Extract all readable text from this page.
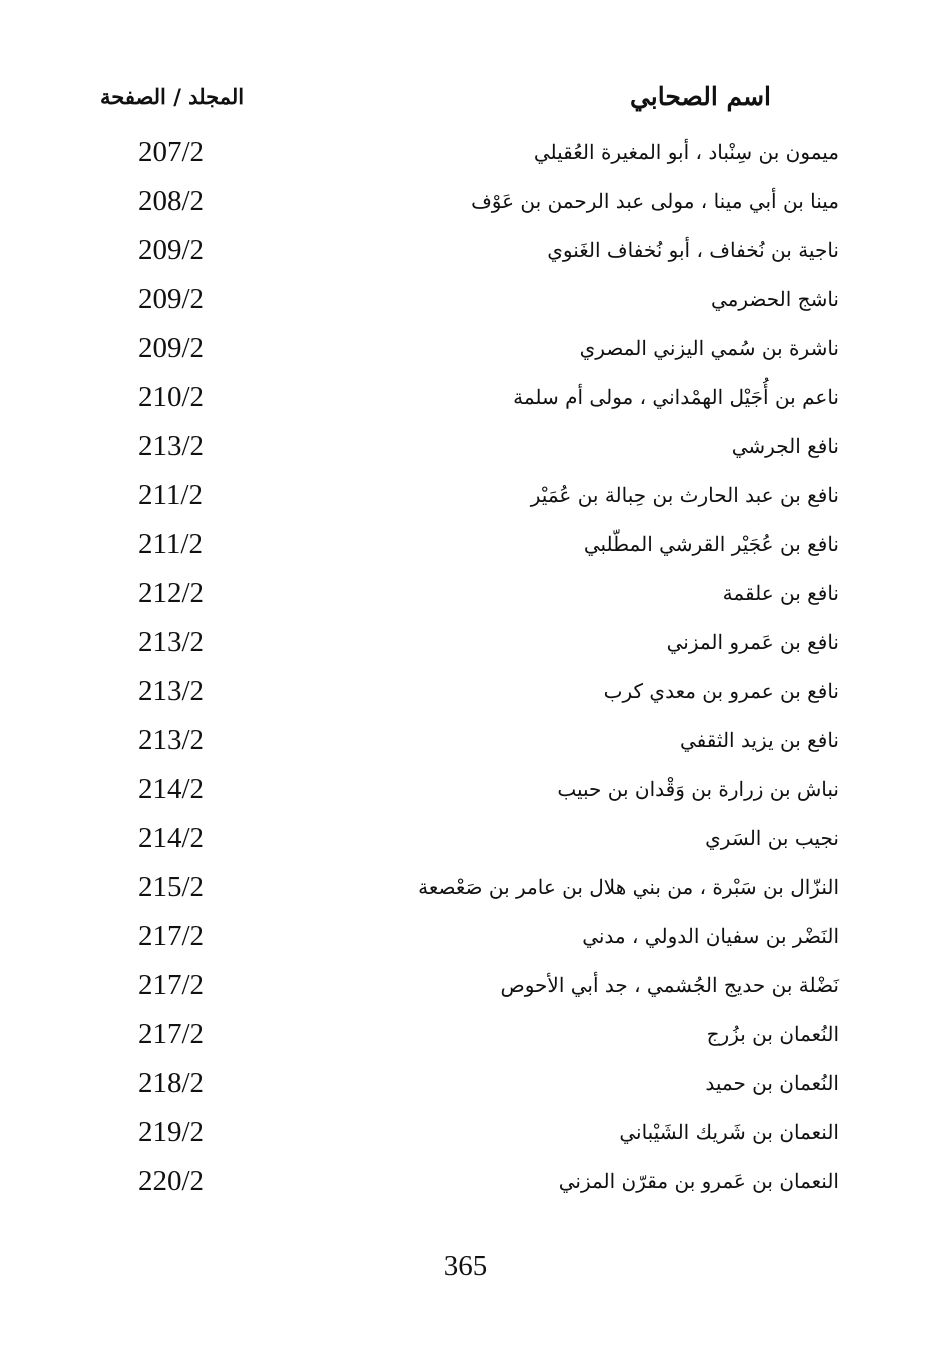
اسم الصحابي
المجلد / الصفحة
ميمون بن سِنْباد ، أبو المغيرة العُقيلي
207/2
مينا بن أبي مينا ، مولى عبد الرحمن بن عَوْف
208/2
ناجية بن نُخفاف ، أبو نُخفاف الغَنوي
209/2
ناشج الحضرمي
209/2
ناشرة بن سُمي اليزني المصري
209/2
ناعم بن أُجَيْل الهمْداني ، مولى أم سلمة
210/2
نافع الجرشي
213/2
نافع بن عبد الحارث بن حِبالة بن عُمَيْر
211/2
نافع بن عُجَيْر القرشي المطّلبي
211/2
نافع بن علقمة
212/2
نافع بن عَمرو المزني
213/2
نافع بن عمرو بن معدي كرب
213/2
نافع بن يزيد الثقفي
213/2
نباش بن زرارة بن وَقْدان بن حبيب
214/2
نجيب بن السَري
214/2
النزّال بن سَبْرة ، من بني هلال بن عامر بن صَعْصعة
215/2
النَضْر بن سفيان الدولي ، مدني
217/2
نَضْلة بن حديج الجُشمي ، جد أبي الأحوص
217/2
النُعمان بن بزُرج
217/2
النُعمان بن حميد
218/2
النعمان بن شَريك الشَيْباني
219/2
النعمان بن عَمرو بن مقرّن المزني
220/2
365
